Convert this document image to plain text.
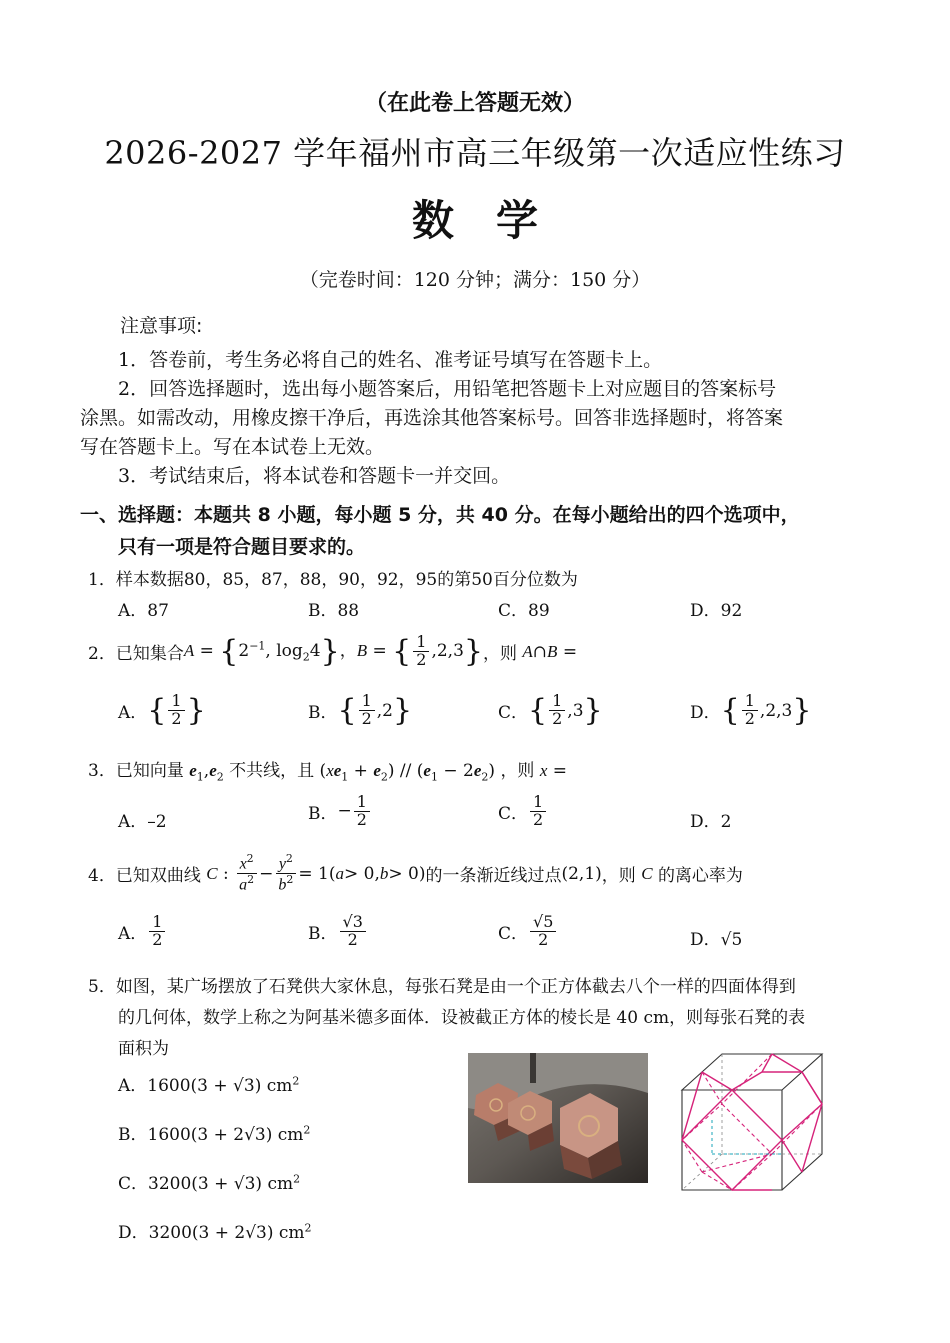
（在此卷上答题无效）
2026-2027 学年福州市高三年级第一次适应性练习
数　学
（完卷时间：120 分钟；满分：150 分）
注意事项:
1．答卷前，考生务必将自己的姓名、准考证号填写在答题卡上。
2．回答选择题时，选出每小题答案后，用铅笔把答题卡上对应题目的答案标号
涂黑。如需改动，用橡皮擦干净后，再选涂其他答案标号。回答非选择题时，将答案
写在答题卡上。写在本试卷上无效。
3．考试结束后，将本试卷和答题卡一并交回。
一、选择题：本题共 8 小题，每小题 5 分，共 40 分。在每小题给出的四个选项中，
只有一项是符合题目要求的。
1．样本数据80，85，87，88，90，92，95的第50百分位数为
A．87	B．88	C．89	D．92
2． 已知集合 $A = \{2^{-1}$, $\log_24$}， B = { $\frac{1}{2} ,2,3$} ，则 A∩B =
A． { $\frac{1}{2}$ }	B． { $\frac{1}{2} ,2$ }	C． { $\frac{1}{2} ,3$ }	D． { $\frac{1}{2} ,2,3$ }
3．已知向量 $e_1,e_2$ 不共线，且 $(xe_1 + e_2) // (e_1 - 2e_2)$ ，则 x =
A．–2	B． − $\frac{1}{2}$	C． $\frac{1}{2}$	D．2
4． 已知双曲线
C : $\frac{x^2}{a^2} - \frac{y^2}{b^2} = 1$( a > 0, b > 0) 的一条渐近线过点 (2,1) ，则
C
的离心率为
A． $\frac{1}{2}$	B． $\frac{√3}{2}$	C． $\frac{√5}{2}$	D．√5
5．如图，某广场摆放了石凳供大家休息，每张石凳是由一个正方体截去八个一样的四面体得到
的几何体，数学上称之为阿基米德多面体．设被截正方体的棱长是 40 cm，则每张石凳的表
面积为
A．1600(3 + √3) $cm^2$
B．1600(3 + 2√3) $cm^2$
C．3200(3 + √3) $cm^2$
D．3200(3 + 2√3) $cm^2$
